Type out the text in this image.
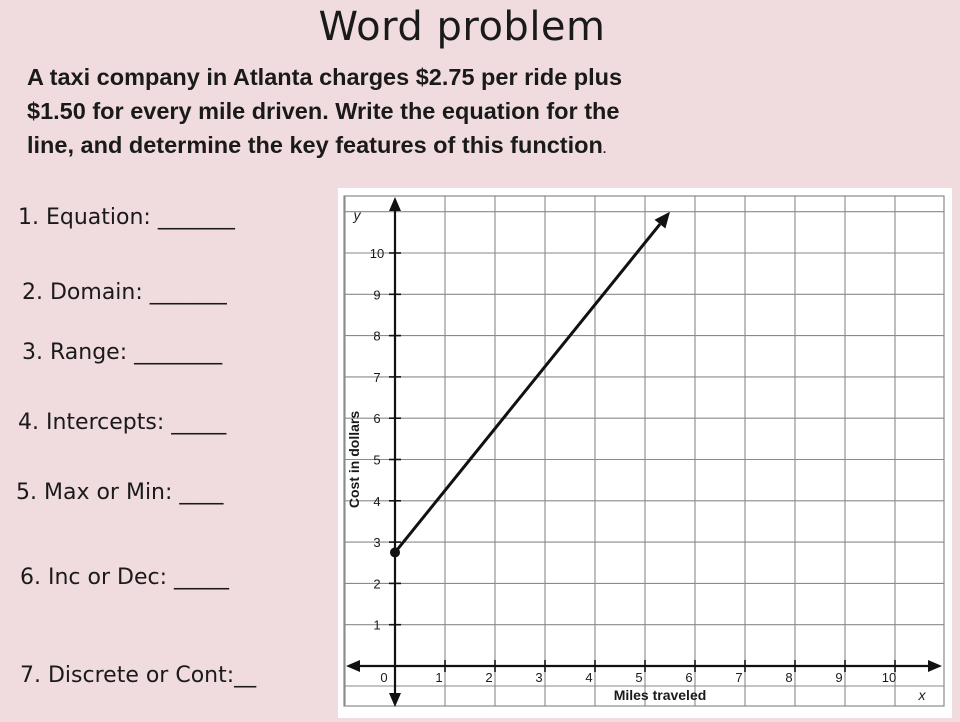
Word problem
A taxi company in Atlanta charges $2.75 per ride plus
$1.50 for every mile driven. Write the equation for the
line, and determine the key features of this function.
1. Equation: _______
2. Domain: _______
3. Range: ________
4. Intercepts: _____
5. Max or Min: ____
6. Inc or Dec: _____
7. Discrete or Cont:__	0	1	2	3	4	5	6	7	8	9	10
1
2
3
4
5
6
7
8
9
10
Miles traveled
Cost in dollars
x
y
